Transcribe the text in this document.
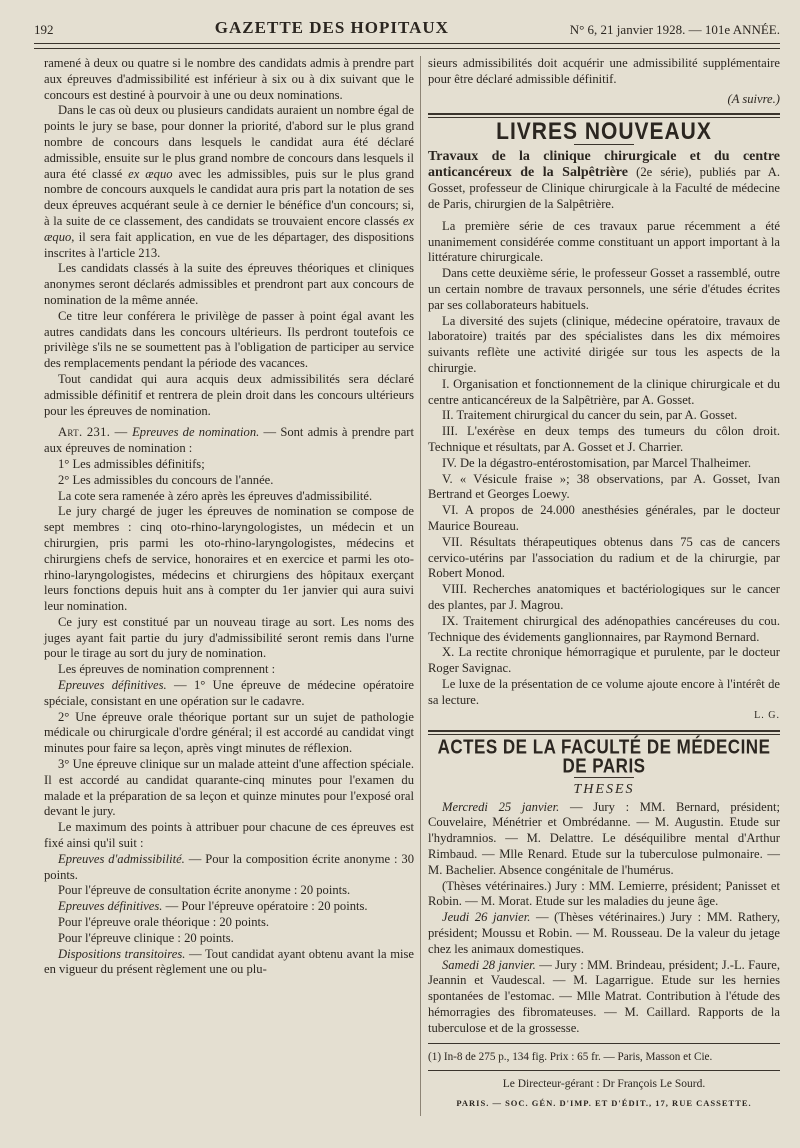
192	GAZETTE DES HOPITAUX	N° 6, 21 janvier 1928. — 101e ANNÉE.

ramené à deux ou quatre si le nombre des candidats admis à prendre part aux épreuves d'admissibilité est inférieur à six ou à dix suivant que le concours est destiné à pourvoir à une ou deux nominations.

Dans le cas où deux ou plusieurs candidats auraient un nombre égal de points le jury se base, pour donner la priorité, d'abord sur le plus grand nombre de concours dans lesquels le candidat aura été déclaré admissible, ensuite sur le plus grand nombre de concours dans lesquels il aura été classé ex æquo avec les admissibles, puis sur le plus grand nombre de concours auxquels le candidat aura pris part la notation de ses deux épreuves acquérant seule à ce dernier le bénéfice d'un concours; si, à la suite de ce classement, des candidats se trouvaient encore classés ex æquo, il sera fait application, en vue de les départager, des dispositions inscrites à l'article 213.

Les candidats classés à la suite des épreuves théoriques et cliniques anonymes seront déclarés admissibles et prendront part aux concours de nomination de la même année.

Ce titre leur conférera le privilège de passer à point égal avant les autres candidats dans les concours ultérieurs. Ils perdront toutefois ce privilège s'ils ne se soumettent pas à l'obligation de participer au service des remplacements pendant la période des vacances.

Tout candidat qui aura acquis deux admissibilités sera déclaré admissible définitif et rentrera de plein droit dans les concours ultérieurs pour les épreuves de nomination.

Art. 231. — Epreuves de nomination. — Sont admis à prendre part aux épreuves de nomination :

1° Les admissibles définitifs;

2° Les admissibles du concours de l'année.

La cote sera ramenée à zéro après les épreuves d'admissibilité.

Le jury chargé de juger les épreuves de nomination se compose de sept membres : cinq oto-rhino-laryngologistes, un médecin et un chirurgien, pris parmi les oto-rhino-laryngologistes, médecins et chirurgiens chefs de service, honoraires et en exercice et parmi les oto-rhino-laryngologistes, médecins et chirurgiens des hôpitaux exerçant leurs fonctions depuis huit ans à compter du 1er janvier qui aura suivi leur nomination.

Ce jury est constitué par un nouveau tirage au sort. Les noms des juges ayant fait partie du jury d'admissibilité seront remis dans l'urne pour le tirage au sort du jury de nomination.

Les épreuves de nomination comprennent :

Epreuves définitives. — 1° Une épreuve de médecine opératoire spéciale, consistant en une opération sur le cadavre.

2° Une épreuve orale théorique portant sur un sujet de pathologie médicale ou chirurgicale d'ordre général; il est accordé au candidat vingt minutes pour faire sa leçon, après vingt minutes de réflexion.

3° Une épreuve clinique sur un malade atteint d'une affection spéciale. Il est accordé au candidat quarante-cinq minutes pour l'examen du malade et la préparation de sa leçon et quinze minutes pour l'exposé oral devant le jury.

Le maximum des points à attribuer pour chacune de ces épreuves est fixé ainsi qu'il suit :

Epreuves d'admissibilité. — Pour la composition écrite anonyme : 30 points.

Pour l'épreuve de consultation écrite anonyme : 20 points.

Epreuves définitives. — Pour l'épreuve opératoire : 20 points.

Pour l'épreuve orale théorique : 20 points.

Pour l'épreuve clinique : 20 points.

Dispositions transitoires. — Tout candidat ayant obtenu avant la mise en vigueur du présent règlement une ou plu-

sieurs admissibilités doit acquérir une admissibilité supplémentaire pour être déclaré admissible définitif.

(A suivre.)
LIVRES NOUVEAUX

Travaux de la clinique chirurgicale et du centre anticancéreux de la Salpêtrière (2e série), publiés par A. Gosset, professeur de Clinique chirurgicale à la Faculté de médecine de Paris, chirurgien de la Salpêtrière.

La première série de ces travaux parue récemment a été unanimement considérée comme constituant un apport important à la littérature chirurgicale.

Dans cette deuxième série, le professeur Gosset a rassemblé, outre un certain nombre de travaux personnels, une série d'études écrites par ses collaborateurs habituels.

La diversité des sujets (clinique, médecine opératoire, travaux de laboratoire) traités par des spécialistes dans les dix mémoires suivants reflète une activité dirigée sur tous les aspects de la chirurgie.

I. Organisation et fonctionnement de la clinique chirurgicale et du centre anticancéreux de la Salpêtrière, par A. Gosset.

II. Traitement chirurgical du cancer du sein, par A. Gosset.

III. L'exérèse en deux temps des tumeurs du côlon droit. Technique et résultats, par A. Gosset et J. Charrier.

IV. De la dégastro-entérostomisation, par Marcel Thalheimer.

V. « Vésicule fraise »; 38 observations, par A. Gosset, Ivan Bertrand et Georges Loewy.

VI. A propos de 24.000 anesthésies générales, par le docteur Maurice Boureau.

VII. Résultats thérapeutiques obtenus dans 75 cas de cancers cervico-utérins par l'association du radium et de la chirurgie, par Robert Monod.

VIII. Recherches anatomiques et bactériologiques sur le cancer des plantes, par J. Magrou.

IX. Traitement chirurgical des adénopathies cancéreuses du cou. Technique des évidements ganglionnaires, par Raymond Bernard.

X. La rectite chronique hémorragique et purulente, par le docteur Roger Savignac.

Le luxe de la présentation de ce volume ajoute encore à l'intérêt de sa lecture.

L. G.
ACTES DE LA FACULTÉ DE MÉDECINE DE PARIS
THESES

Mercredi 25 janvier. — Jury : MM. Bernard, président; Couvelaire, Ménétrier et Ombrédanne. — M. Augustin. Etude sur l'hydramnios. — M. Delattre. Le déséquilibre mental d'Arthur Rimbaud. — Mlle Renard. Etude sur la tuberculose pulmonaire. — M. Bachelier. Absence congénitale de l'humérus.

(Thèses vétérinaires.) Jury : MM. Lemierre, président; Panisset et Robin. — M. Morat. Etude sur les maladies du jeune âge.

Jeudi 26 janvier. — (Thèses vétérinaires.) Jury : MM. Rathery, président; Moussu et Robin. — M. Rousseau. De la valeur du jetage chez les animaux domestiques.

Samedi 28 janvier. — Jury : MM. Brindeau, président; J.-L. Faure, Jeannin et Vaudescal. — M. Lagarrigue. Etude sur les hernies spontanées de l'estomac. — Mlle Matrat. Contribution à l'étude des hémorragies des fibromateuses. — M. Caillard. Rapports de la tuberculose et de la grossesse.

(1) In-8 de 275 p., 134 fig. Prix : 65 fr. — Paris, Masson et Cie.

Le Directeur-gérant : Dr François Le Sourd.
PARIS. — SOC. GÉN. D'IMP. ET D'ÉDIT., 17, RUE CASSETTE.
